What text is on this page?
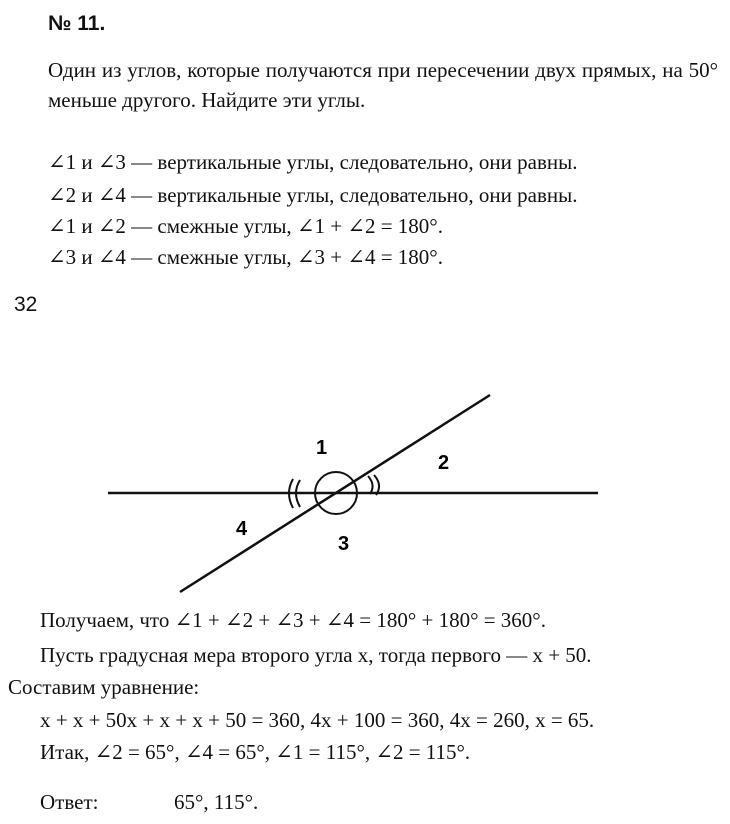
№ 11.
Один из углов, которые получаются при пересечении двух прямых, на 50° меньше другого. Найдите эти углы.
∠1 и ∠3 — вертикальные углы, следовательно, они равны.
∠2 и ∠4 — вертикальные углы, следовательно, они равны.
∠1 и ∠2 — смежные углы, ∠1 + ∠2 = 180°.
∠3 и ∠4 — смежные углы, ∠3 + ∠4 = 180°.
32
1
2
3
4
Получаем, что ∠1 + ∠2 + ∠3 + ∠4 = 180° + 180° = 360°.
Пусть градусная мера второго угла x, тогда первого — x + 50.
Составим уравнение:
x + x + 50x + x + x + 50 = 360, 4x + 100 = 360, 4x = 260, x = 65.
Итак, ∠2 = 65°, ∠4 = 65°, ∠1 = 115°, ∠2 = 115°.
Ответ:	65°, 115°.
